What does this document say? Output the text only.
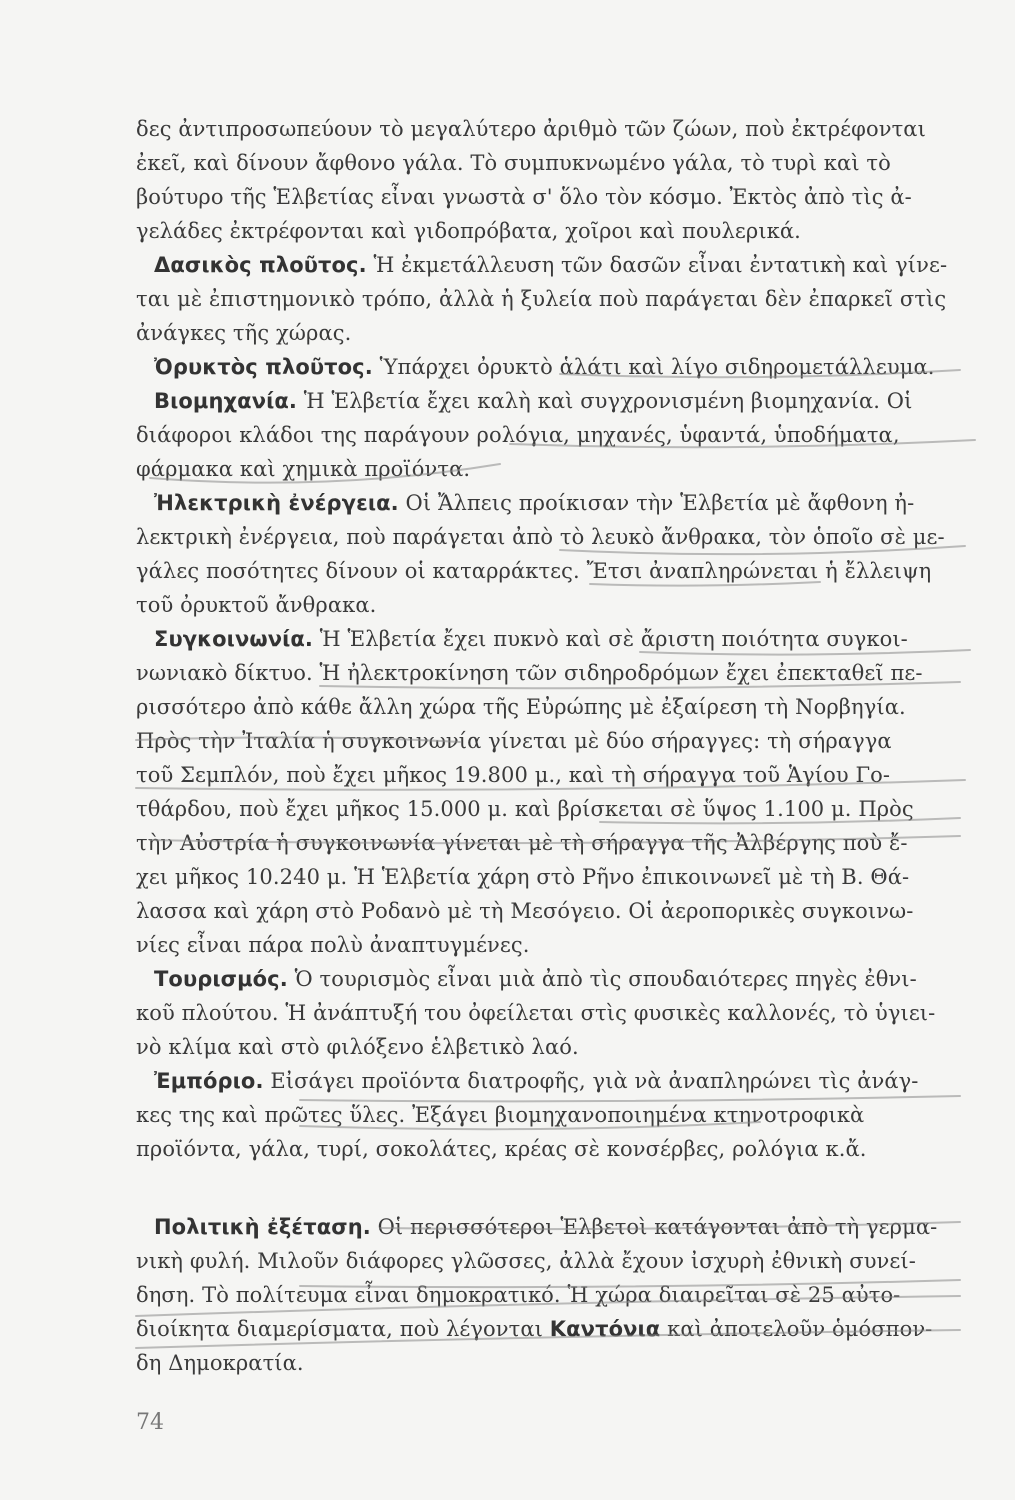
δες ἀντιπροσωπεύουν τὸ μεγαλύτερο ἀριθμὸ τῶν ζώων, ποὺ ἐκτρέφονται
ἐκεῖ, καὶ δίνουν ἄφθονο γάλα. Τὸ συμπυκνωμένο γάλα, τὸ τυρὶ καὶ τὸ
βούτυρο τῆς Ἑλβετίας εἶναι γνωστὰ σ' ὅλο τὸν κόσμο. Ἐκτὸς ἀπὸ τὶς ἀ-
γελάδες ἐκτρέφονται καὶ γιδοπρόβατα, χοῖροι καὶ πουλερικά.
Δασικὸς πλοῦτος. Ἡ ἐκμετάλλευση τῶν δασῶν εἶναι ἐντατικὴ καὶ γίνε-
ται μὲ ἐπιστημονικὸ τρόπο, ἀλλὰ ἡ ξυλεία ποὺ παράγεται δὲν ἐπαρκεῖ στὶς
ἀνάγκες τῆς χώρας.
Ὀρυκτὸς πλοῦτος. Ὑπάρχει ὀρυκτὸ ἁλάτι καὶ λίγο σιδηρομετάλλευμα.
Βιομηχανία. Ἡ Ἑλβετία ἔχει καλὴ καὶ συγχρονισμένη βιομηχανία. Οἱ
διάφοροι κλάδοι της παράγουν ρολόγια, μηχανές, ὑφαντά, ὑποδήματα,
φάρμακα καὶ χημικὰ προϊόντα.
Ἠλεκτρικὴ ἐνέργεια. Οἱ Ἄλπεις προίκισαν τὴν Ἑλβετία μὲ ἄφθονη ἠ-
λεκτρικὴ ἐνέργεια, ποὺ παράγεται ἀπὸ τὸ λευκὸ ἄνθρακα, τὸν ὁποῖο σὲ με-
γάλες ποσότητες δίνουν οἱ καταρράκτες. Ἔτσι ἀναπληρώνεται ἡ ἔλλειψη
τοῦ ὀρυκτοῦ ἄνθρακα.
Συγκοινωνία. Ἡ Ἑλβετία ἔχει πυκνὸ καὶ σὲ ἄριστη ποιότητα συγκοι-
νωνιακὸ δίκτυο. Ἡ ἠλεκτροκίνηση τῶν σιδηροδρόμων ἔχει ἐπεκταθεῖ πε-
ρισσότερο ἀπὸ κάθε ἄλλη χώρα τῆς Εὐρώπης μὲ ἐξαίρεση τὴ Νορβηγία.
Πρὸς τὴν Ἰταλία ἡ συγκοινωνία γίνεται μὲ δύο σήραγγες: τὴ σήραγγα
τοῦ Σεμπλόν, ποὺ ἔχει μῆκος 19.800 μ., καὶ τὴ σήραγγα τοῦ Ἁγίου Γο-
τθάρδου, ποὺ ἔχει μῆκος 15.000 μ. καὶ βρίσκεται σὲ ὕψος 1.100 μ. Πρὸς
τὴν Αὐστρία ἡ συγκοινωνία γίνεται μὲ τὴ σήραγγα τῆς Ἀλβέργης ποὺ ἔ-
χει μῆκος 10.240 μ. Ἡ Ἑλβετία χάρη στὸ Ρῆνο ἐπικοινωνεῖ μὲ τὴ Β. Θά-
λασσα καὶ χάρη στὸ Ροδανὸ μὲ τὴ Μεσόγειο. Οἱ ἀεροπορικὲς συγκοινω-
νίες εἶναι πάρα πολὺ ἀναπτυγμένες.
Τουρισμός. Ὁ τουρισμὸς εἶναι μιὰ ἀπὸ τὶς σπουδαιότερες πηγὲς ἐθνι-
κοῦ πλούτου. Ἡ ἀνάπτυξή του ὀφείλεται στὶς φυσικὲς καλλονές, τὸ ὑγιει-
νὸ κλίμα καὶ στὸ φιλόξενο ἑλβετικὸ λαό.
Ἐμπόριο. Εἰσάγει προϊόντα διατροφῆς, γιὰ νὰ ἀναπληρώνει τὶς ἀνάγ-
κες της καὶ πρῶτες ὕλες. Ἐξάγει βιομηχανοποιημένα κτηνοτροφικὰ
προϊόντα, γάλα, τυρί, σοκολάτες, κρέας σὲ κονσέρβες, ρολόγια κ.ἄ.
Πολιτικὴ ἐξέταση. Οἱ περισσότεροι Ἑλβετοὶ κατάγονται ἀπὸ τὴ γερμα-
νικὴ φυλή. Μιλοῦν διάφορες γλῶσσες, ἀλλὰ ἔχουν ἰσχυρὴ ἐθνικὴ συνεί-
δηση. Τὸ πολίτευμα εἶναι δημοκρατικό. Ἡ χώρα διαιρεῖται σὲ 25 αὐτο-
διοίκητα διαμερίσματα, ποὺ λέγονται Καντόνια καὶ ἀποτελοῦν ὁμόσπον-
δη Δημοκρατία.
74
